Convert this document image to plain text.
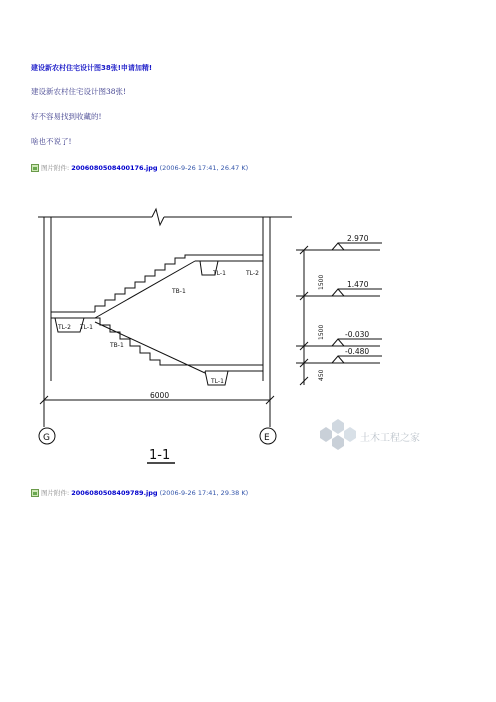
建设新农村住宅设计图38张!申请加精!
建设新农村住宅设计图38张!
好不容易找到收藏的!
啥也不说了!
图片附件: 2006080508400176.jpg (2006-9-26 17:41, 26.47 K)
2.970
1.470
-0.030
-0.480
1500
1500
450
6000
G	E
1-1
TL-1	TL-2
TB-1
TL-2 TL-1
TB-1
TL-1
土木工程之家
图片附件: 2006080508409789.jpg (2006-9-26 17:41, 29.38 K)
